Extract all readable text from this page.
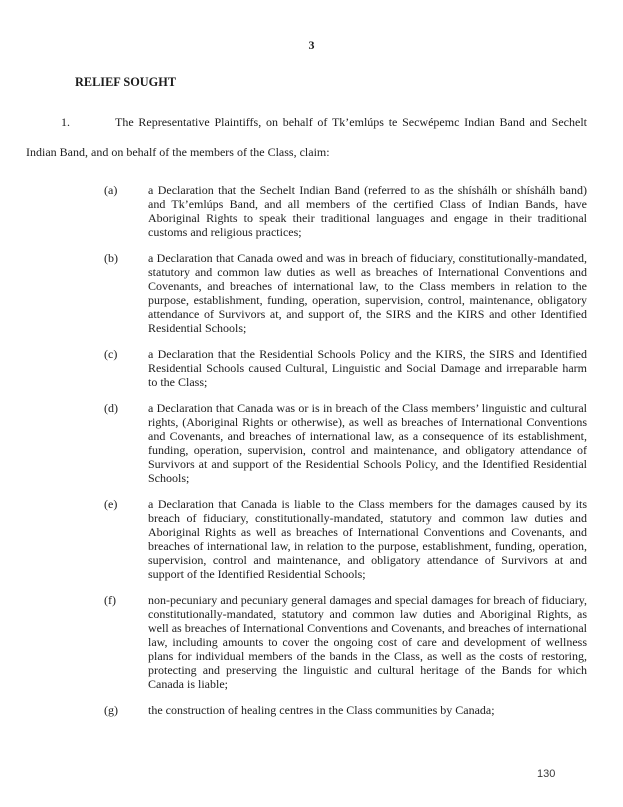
3
RELIEF SOUGHT

1.	The Representative Plaintiffs, on behalf of Tk’emlúps te Secwépemc Indian Band and Sechelt Indian Band, and on behalf of the members of the Class, claim:

(a)	a Declaration that the Sechelt Indian Band (referred to as the shíshálh or shíshálh band) and Tk’emlúps Band, and all members of the certified Class of Indian Bands, have Aboriginal Rights to speak their traditional languages and engage in their traditional customs and religious practices;
(b)	a Declaration that Canada owed and was in breach of fiduciary, constitutionally-mandated, statutory and common law duties as well as breaches of International Conventions and Covenants, and breaches of international law, to the Class members in relation to the purpose, establishment, funding, operation, supervision, control, maintenance, obligatory attendance of Survivors at, and support of, the SIRS and the KIRS and other Identified Residential Schools;
(c)	a Declaration that the Residential Schools Policy and the KIRS, the SIRS and Identified Residential Schools caused Cultural, Linguistic and Social Damage and irreparable harm to the Class;
(d)	a Declaration that Canada was or is in breach of the Class members’ linguistic and cultural rights, (Aboriginal Rights or otherwise), as well as breaches of International Conventions and Covenants, and breaches of international law, as a consequence of its establishment, funding, operation, supervision, control and maintenance, and obligatory attendance of Survivors at and support of the Residential Schools Policy, and the Identified Residential Schools;
(e)	a Declaration that Canada is liable to the Class members for the damages caused by its breach of fiduciary, constitutionally-mandated, statutory and common law duties and Aboriginal Rights as well as breaches of International Conventions and Covenants, and breaches of international law, in relation to the purpose, establishment, funding, operation, supervision, control and maintenance, and obligatory attendance of Survivors at and support of the Identified Residential Schools;
(f)	non-pecuniary and pecuniary general damages and special damages for breach of fiduciary, constitutionally-mandated, statutory and common law duties and Aboriginal Rights, as well as breaches of International Conventions and Covenants, and breaches of international law, including amounts to cover the ongoing cost of care and development of wellness plans for individual members of the bands in the Class, as well as the costs of restoring, protecting and preserving the linguistic and cultural heritage of the Bands for which Canada is liable;
(g)	the construction of healing centres in the Class communities by Canada;
130
